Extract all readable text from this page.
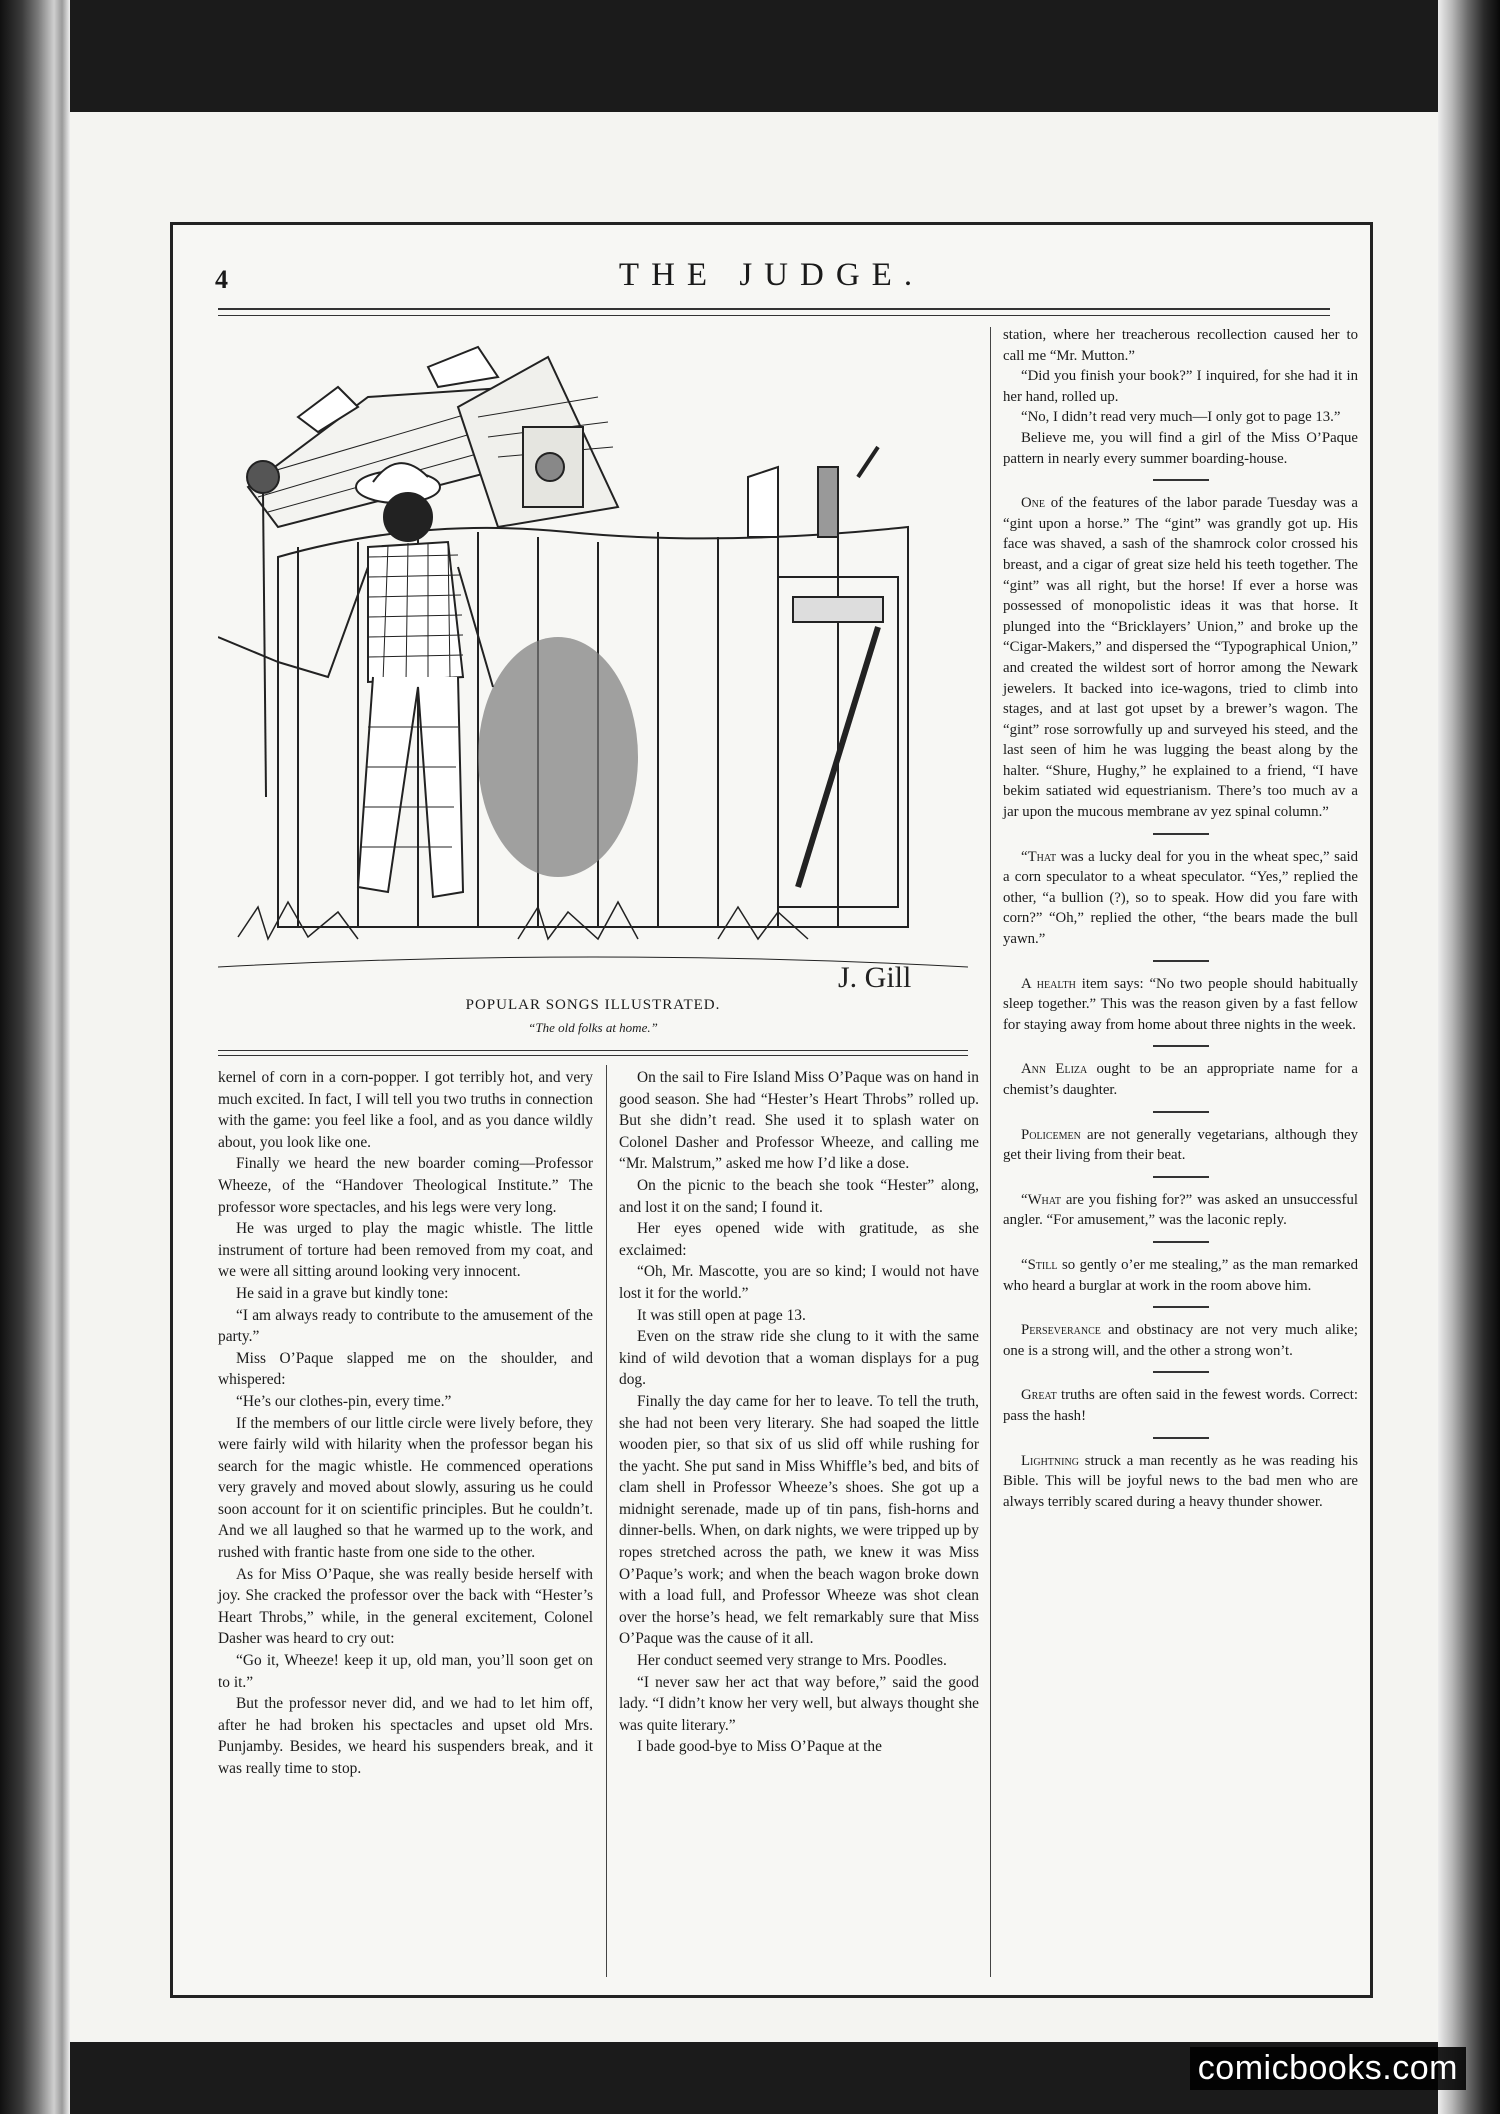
4	THE JUDGE.
J. Gill
POPULAR SONGS ILLUSTRATED.
“The old folks at home.”

kernel of corn in a corn-popper. I got terribly hot, and very much excited. In fact, I will tell you two truths in connection with the game: you feel like a fool, and as you dance wildly about, you look like one.

Finally we heard the new boarder coming—Professor Wheeze, of the “Handover Theological Institute.” The professor wore spectacles, and his legs were very long.

He was urged to play the magic whistle. The little instrument of torture had been removed from my coat, and we were all sitting around looking very innocent.

He said in a grave but kindly tone:

“I am always ready to contribute to the amusement of the party.”

Miss O’Paque slapped me on the shoulder, and whispered:

“He’s our clothes-pin, every time.”

If the members of our little circle were lively before, they were fairly wild with hilarity when the professor began his search for the magic whistle. He commenced operations very gravely and moved about slowly, assuring us he could soon account for it on scientific principles. But he couldn’t. And we all laughed so that he warmed up to the work, and rushed with frantic haste from one side to the other.

As for Miss O’Paque, she was really beside herself with joy. She cracked the professor over the back with “Hester’s Heart Throbs,” while, in the general excitement, Colonel Dasher was heard to cry out:

“Go it, Wheeze! keep it up, old man, you’ll soon get on to it.”

But the professor never did, and we had to let him off, after he had broken his spectacles and upset old Mrs. Punjamby. Besides, we heard his suspenders break, and it was really time to stop.

On the sail to Fire Island Miss O’Paque was on hand in good season. She had “Hester’s Heart Throbs” rolled up. But she didn’t read. She used it to splash water on Colonel Dasher and Professor Wheeze, and calling me “Mr. Malstrum,” asked me how I’d like a dose.

On the picnic to the beach she took “Hester” along, and lost it on the sand; I found it.

Her eyes opened wide with gratitude, as she exclaimed:

“Oh, Mr. Mascotte, you are so kind; I would not have lost it for the world.”

It was still open at page 13.

Even on the straw ride she clung to it with the same kind of wild devotion that a woman displays for a pug dog.

Finally the day came for her to leave. To tell the truth, she had not been very literary. She had soaped the little wooden pier, so that six of us slid off while rushing for the yacht. She put sand in Miss Whiffle’s bed, and bits of clam shell in Professor Wheeze’s shoes. She got up a midnight serenade, made up of tin pans, fish-horns and dinner-bells. When, on dark nights, we were tripped up by ropes stretched across the path, we knew it was Miss O’Paque’s work; and when the beach wagon broke down with a load full, and Professor Wheeze was shot clean over the horse’s head, we felt remarkably sure that Miss O’Paque was the cause of it all.

Her conduct seemed very strange to Mrs. Poodles.

“I never saw her act that way before,” said the good lady. “I didn’t know her very well, but always thought she was quite literary.”

I bade good-bye to Miss O’Paque at the

station, where her treacherous recollection caused her to call me “Mr. Mutton.”

“Did you finish your book?” I inquired, for she had it in her hand, rolled up.

“No, I didn’t read very much—I only got to page 13.”

Believe me, you will find a girl of the Miss O’Paque pattern in nearly every summer boarding-house.

One of the features of the labor parade Tuesday was a “gint upon a horse.” The “gint” was grandly got up. His face was shaved, a sash of the shamrock color crossed his breast, and a cigar of great size held his teeth together. The “gint” was all right, but the horse! If ever a horse was possessed of monopolistic ideas it was that horse. It plunged into the “Bricklayers’ Union,” and broke up the “Cigar-Makers,” and dispersed the “Typographical Union,” and created the wildest sort of horror among the Newark jewelers. It backed into ice-wagons, tried to climb into stages, and at last got upset by a brewer’s wagon. The “gint” rose sorrowfully up and surveyed his steed, and the last seen of him he was lugging the beast along by the halter. “Shure, Hughy,” he explained to a friend, “I have bekim satiated wid equestrianism. There’s too much av a jar upon the mucous membrane av yez spinal column.”

“That was a lucky deal for you in the wheat spec,” said a corn speculator to a wheat speculator. “Yes,” replied the other, “a bullion (?), so to speak. How did you fare with corn?” “Oh,” replied the other, “the bears made the bull yawn.”

A health item says: “No two people should habitually sleep together.” This was the reason given by a fast fellow for staying away from home about three nights in the week.

Ann Eliza ought to be an appropriate name for a chemist’s daughter.

Policemen are not generally vegetarians, although they get their living from their beat.

“What are you fishing for?” was asked an unsuccessful angler. “For amusement,” was the laconic reply.

“Still so gently o’er me stealing,” as the man remarked who heard a burglar at work in the room above him.

Perseverance and obstinacy are not very much alike; one is a strong will, and the other a strong won’t.

Great truths are often said in the fewest words. Correct: pass the hash!

Lightning struck a man recently as he was reading his Bible. This will be joyful news to the bad men who are always terribly scared during a heavy thunder shower.

comicbooks.com
